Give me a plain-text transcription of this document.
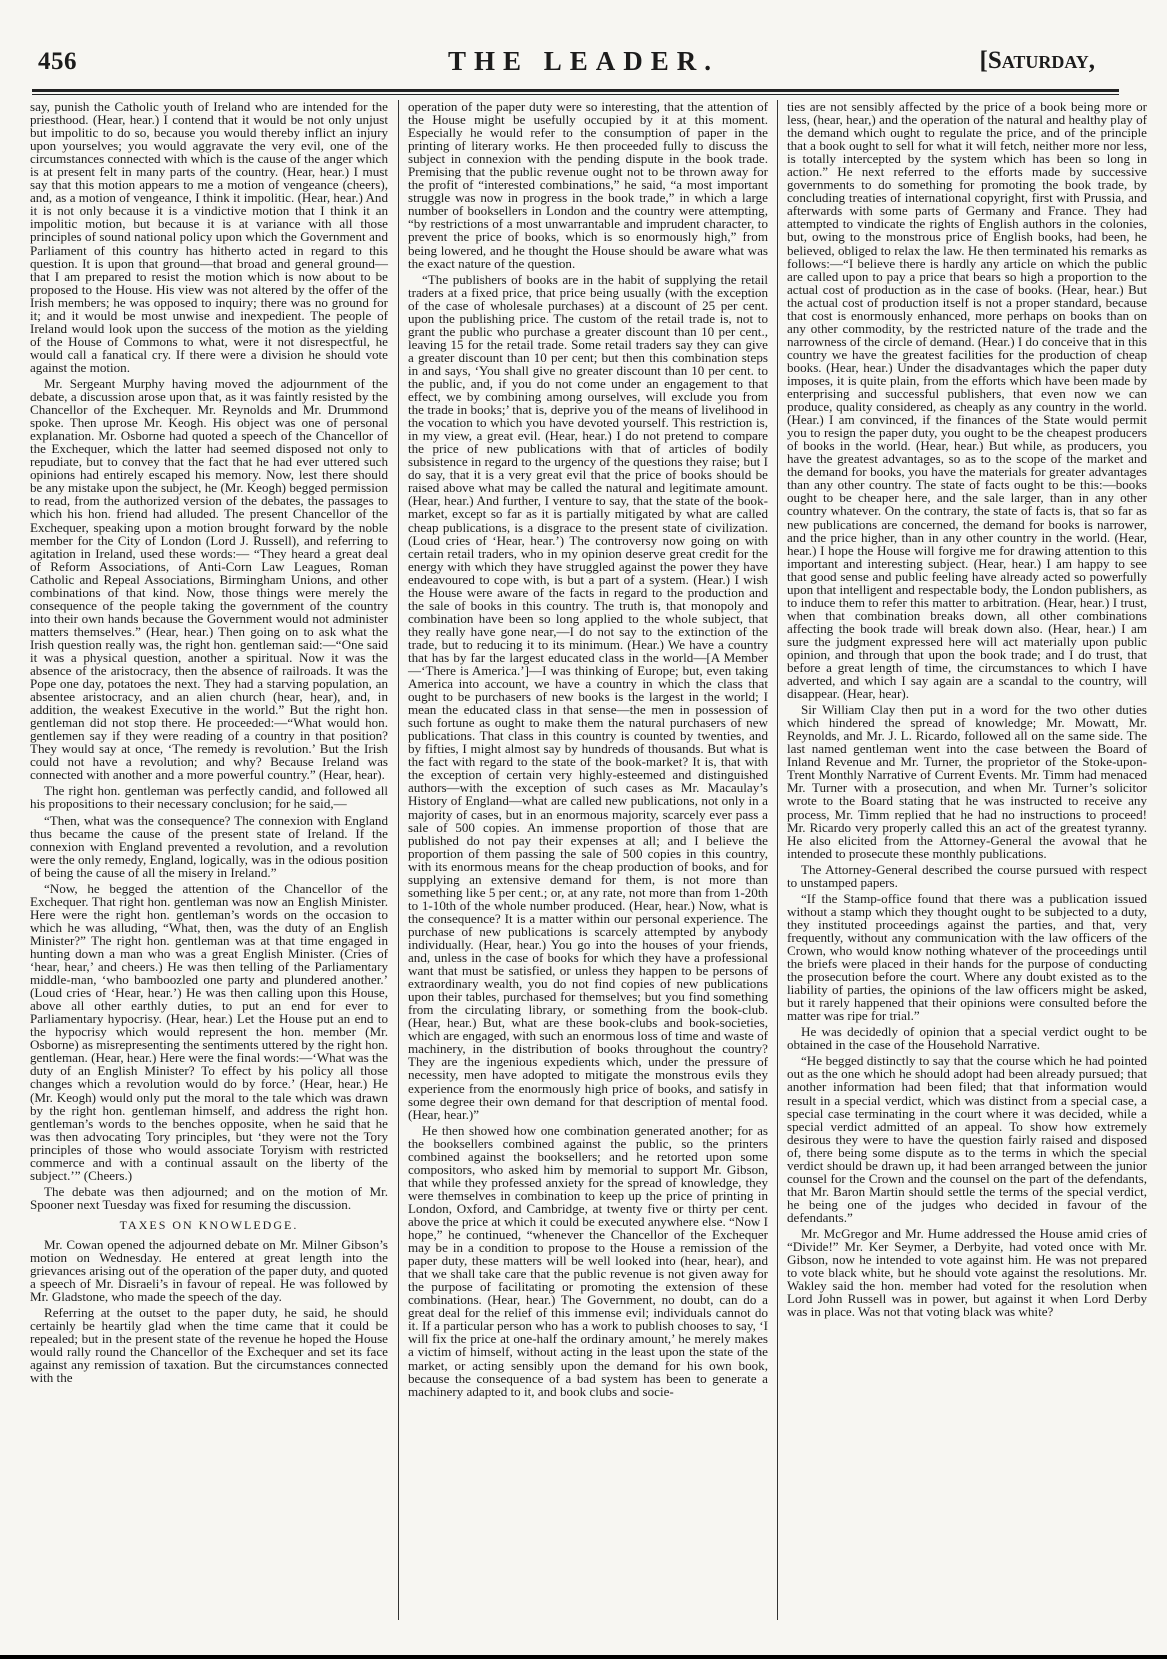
456	THE LEADER.	[Saturday,

say, punish the Catholic youth of Ireland who are intended for the priesthood. (Hear, hear.) I contend that it would be not only unjust but impolitic to do so, because you would thereby inflict an injury upon yourselves; you would aggravate the very evil, one of the circumstances connected with which is the cause of the anger which is at present felt in many parts of the country. (Hear, hear.) I must say that this motion appears to me a motion of vengeance (cheers), and, as a motion of vengeance, I think it impolitic. (Hear, hear.) And it is not only because it is a vindictive motion that I think it an impolitic motion, but because it is at variance with all those principles of sound national policy upon which the Government and Parliament of this country has hitherto acted in regard to this question. It is upon that ground—that broad and general ground—that I am prepared to resist the motion which is now about to be proposed to the House. His view was not altered by the offer of the Irish members; he was opposed to inquiry; there was no ground for it; and it would be most unwise and inexpedient. The people of Ireland would look upon the success of the motion as the yielding of the House of Commons to what, were it not disrespectful, he would call a fanatical cry. If there were a division he should vote against the motion.

Mr. Sergeant Murphy having moved the adjournment of the debate, a discussion arose upon that, as it was faintly resisted by the Chancellor of the Exchequer. Mr. Reynolds and Mr. Drummond spoke. Then uprose Mr. Keogh. His object was one of personal explanation. Mr. Osborne had quoted a speech of the Chancellor of the Exchequer, which the latter had seemed disposed not only to repudiate, but to convey that the fact that he had ever uttered such opinions had entirely escaped his memory. Now, lest there should be any mistake upon the subject, he (Mr. Keogh) begged permission to read, from the authorized version of the debates, the passages to which his hon. friend had alluded. The present Chancellor of the Exchequer, speaking upon a motion brought forward by the noble member for the City of London (Lord J. Russell), and referring to agitation in Ireland, used these words:— “They heard a great deal of Reform Associations, of Anti-Corn Law Leagues, Roman Catholic and Repeal Associations, Birmingham Unions, and other combinations of that kind. Now, those things were merely the consequence of the people taking the government of the country into their own hands because the Government would not administer matters themselves.” (Hear, hear.) Then going on to ask what the Irish question really was, the right hon. gentleman said:—“One said it was a physical question, another a spiritual. Now it was the absence of the aristocracy, then the absence of railroads. It was the Pope one day, potatoes the next. They had a starving population, an absentee aristocracy, and an alien church (hear, hear), and, in addition, the weakest Executive in the world.” But the right hon. gentleman did not stop there. He proceeded:—“What would hon. gentlemen say if they were reading of a country in that position? They would say at once, ‘The remedy is revolution.’ But the Irish could not have a revolution; and why? Because Ireland was connected with another and a more powerful country.” (Hear, hear).

The right hon. gentleman was perfectly candid, and followed all his propositions to their necessary conclusion; for he said,—

“Then, what was the consequence? The connexion with England thus became the cause of the present state of Ireland. If the connexion with England prevented a revolution, and a revolution were the only remedy, England, logically, was in the odious position of being the cause of all the misery in Ireland.”

“Now, he begged the attention of the Chancellor of the Exchequer. That right hon. gentleman was now an English Minister. Here were the right hon. gentleman’s words on the occasion to which he was alluding, “What, then, was the duty of an English Minister?” The right hon. gentleman was at that time engaged in hunting down a man who was a great English Minister. (Cries of ‘hear, hear,’ and cheers.) He was then telling of the Parliamentary middle-man, ‘who bamboozled one party and plundered another.’ (Loud cries of ‘Hear, hear.’) He was then calling upon this House, above all other earthly duties, to put an end for ever to Parliamentary hypocrisy. (Hear, hear.) Let the House put an end to the hypocrisy which would represent the hon. member (Mr. Osborne) as misrepresenting the sentiments uttered by the right hon. gentleman. (Hear, hear.) Here were the final words:—‘What was the duty of an English Minister? To effect by his policy all those changes which a revolution would do by force.’ (Hear, hear.) He (Mr. Keogh) would only put the moral to the tale which was drawn by the right hon. gentleman himself, and address the right hon. gentleman’s words to the benches opposite, when he said that he was then advocating Tory principles, but ‘they were not the Tory principles of those who would associate Toryism with restricted commerce and with a continual assault on the liberty of the subject.’” (Cheers.)

The debate was then adjourned; and on the motion of Mr. Spooner next Tuesday was fixed for resuming the discussion.

TAXES ON KNOWLEDGE.

Mr. Cowan opened the adjourned debate on Mr. Milner Gibson’s motion on Wednesday. He entered at great length into the grievances arising out of the operation of the paper duty, and quoted a speech of Mr. Disraeli’s in favour of repeal. He was followed by Mr. Gladstone, who made the speech of the day.

Referring at the outset to the paper duty, he said, he should certainly be heartily glad when the time came that it could be repealed; but in the present state of the revenue he hoped the House would rally round the Chancellor of the Exchequer and set its face against any remission of taxation. But the circumstances connected with the

operation of the paper duty were so interesting, that the attention of the House might be usefully occupied by it at this moment. Especially he would refer to the consumption of paper in the printing of literary works. He then proceeded fully to discuss the subject in connexion with the pending dispute in the book trade. Premising that the public revenue ought not to be thrown away for the profit of “interested combinations,” he said, “a most important struggle was now in progress in the book trade,” in which a large number of booksellers in London and the country were attempting, “by restrictions of a most unwarrantable and imprudent character, to prevent the price of books, which is so enormously high,” from being lowered, and he thought the House should be aware what was the exact nature of the question.

“The publishers of books are in the habit of supplying the retail traders at a fixed price, that price being usually (with the exception of the case of wholesale purchases) at a discount of 25 per cent. upon the publishing price. The custom of the retail trade is, not to grant the public who purchase a greater discount than 10 per cent., leaving 15 for the retail trade. Some retail traders say they can give a greater discount than 10 per cent; but then this combination steps in and says, ‘You shall give no greater discount than 10 per cent. to the public, and, if you do not come under an engagement to that effect, we by combining among ourselves, will exclude you from the trade in books;’ that is, deprive you of the means of livelihood in the vocation to which you have devoted yourself. This restriction is, in my view, a great evil. (Hear, hear.) I do not pretend to compare the price of new publications with that of articles of bodily subsistence in regard to the urgency of the questions they raise; but I do say, that it is a very great evil that the price of books should be raised above what may be called the natural and legitimate amount. (Hear, hear.) And further, I venture to say, that the state of the book-market, except so far as it is partially mitigated by what are called cheap publications, is a disgrace to the present state of civilization. (Loud cries of ‘Hear, hear.’) The controversy now going on with certain retail traders, who in my opinion deserve great credit for the energy with which they have struggled against the power they have endeavoured to cope with, is but a part of a system. (Hear.) I wish the House were aware of the facts in regard to the production and the sale of books in this country. The truth is, that monopoly and combination have been so long applied to the whole subject, that they really have gone near,—I do not say to the extinction of the trade, but to reducing it to its minimum. (Hear.) We have a country that has by far the largest educated class in the world—[A Member—‘There is America.’]—I was thinking of Europe; but, even taking America into account, we have a country in which the class that ought to be purchasers of new books is the largest in the world; I mean the educated class in that sense—the men in possession of such fortune as ought to make them the natural purchasers of new publications. That class in this country is counted by twenties, and by fifties, I might almost say by hundreds of thousands. But what is the fact with regard to the state of the book-market? It is, that with the exception of certain very highly-esteemed and distinguished authors—with the exception of such cases as Mr. Macaulay’s History of England—what are called new publications, not only in a majority of cases, but in an enormous majority, scarcely ever pass a sale of 500 copies. An immense proportion of those that are published do not pay their expenses at all; and I believe the proportion of them passing the sale of 500 copies in this country, with its enormous means for the cheap production of books, and for supplying an extensive demand for them, is not more than something like 5 per cent.; or, at any rate, not more than from 1-20th to 1-10th of the whole number produced. (Hear, hear.) Now, what is the consequence? It is a matter within our personal experience. The purchase of new publications is scarcely attempted by anybody individually. (Hear, hear.) You go into the houses of your friends, and, unless in the case of books for which they have a professional want that must be satisfied, or unless they happen to be persons of extraordinary wealth, you do not find copies of new publications upon their tables, purchased for themselves; but you find something from the circulating library, or something from the book-club. (Hear, hear.) But, what are these book-clubs and book-societies, which are engaged, with such an enormous loss of time and waste of machinery, in the distribution of books throughout the country? They are the ingenious expedients which, under the pressure of necessity, men have adopted to mitigate the monstrous evils they experience from the enormously high price of books, and satisfy in some degree their own demand for that description of mental food. (Hear, hear.)”

He then showed how one combination generated another; for as the booksellers combined against the public, so the printers combined against the booksellers; and he retorted upon some compositors, who asked him by memorial to support Mr. Gibson, that while they professed anxiety for the spread of knowledge, they were themselves in combination to keep up the price of printing in London, Oxford, and Cambridge, at twenty five or thirty per cent. above the price at which it could be executed anywhere else. “Now I hope,” he continued, “whenever the Chancellor of the Exchequer may be in a condition to propose to the House a remission of the paper duty, these matters will be well looked into (hear, hear), and that we shall take care that the public revenue is not given away for the purpose of facilitating or promoting the extension of these combinations. (Hear, hear.) The Government, no doubt, can do a great deal for the relief of this immense evil; individuals cannot do it. If a particular person who has a work to publish chooses to say, ‘I will fix the price at one-half the ordinary amount,’ he merely makes a victim of himself, without acting in the least upon the state of the market, or acting sensibly upon the demand for his own book, because the consequence of a bad system has been to generate a machinery adapted to it, and book clubs and socie-

ties are not sensibly affected by the price of a book being more or less, (hear, hear,) and the operation of the natural and healthy play of the demand which ought to regulate the price, and of the principle that a book ought to sell for what it will fetch, neither more nor less, is totally intercepted by the system which has been so long in action.” He next referred to the efforts made by successive governments to do something for promoting the book trade, by concluding treaties of international copyright, first with Prussia, and afterwards with some parts of Germany and France. They had attempted to vindicate the rights of English authors in the colonies, but, owing to the monstrous price of English books, had been, he believed, obliged to relax the law. He then terminated his remarks as follows:—“I believe there is hardly any article on which the public are called upon to pay a price that bears so high a proportion to the actual cost of production as in the case of books. (Hear, hear.) But the actual cost of production itself is not a proper standard, because that cost is enormously enhanced, more perhaps on books than on any other commodity, by the restricted nature of the trade and the narrowness of the circle of demand. (Hear.) I do conceive that in this country we have the greatest facilities for the production of cheap books. (Hear, hear.) Under the disadvantages which the paper duty imposes, it is quite plain, from the efforts which have been made by enterprising and successful publishers, that even now we can produce, quality considered, as cheaply as any country in the world. (Hear.) I am convinced, if the finances of the State would permit you to resign the paper duty, you ought to be the cheapest producers of books in the world. (Hear, hear.) But while, as producers, you have the greatest advantages, so as to the scope of the market and the demand for books, you have the materials for greater advantages than any other country. The state of facts ought to be this:—books ought to be cheaper here, and the sale larger, than in any other country whatever. On the contrary, the state of facts is, that so far as new publications are concerned, the demand for books is narrower, and the price higher, than in any other country in the world. (Hear, hear.) I hope the House will forgive me for drawing attention to this important and interesting subject. (Hear, hear.) I am happy to see that good sense and public feeling have already acted so powerfully upon that intelligent and respectable body, the London publishers, as to induce them to refer this matter to arbitration. (Hear, hear.) I trust, when that combination breaks down, all other combinations affecting the book trade will break down also. (Hear, hear.) I am sure the judgment expressed here will act materially upon public opinion, and through that upon the book trade; and I do trust, that before a great length of time, the circumstances to which I have adverted, and which I say again are a scandal to the country, will disappear. (Hear, hear).

Sir William Clay then put in a word for the two other duties which hindered the spread of knowledge; Mr. Mowatt, Mr. Reynolds, and Mr. J. L. Ricardo, followed all on the same side. The last named gentleman went into the case between the Board of Inland Revenue and Mr. Turner, the proprietor of the Stoke-upon-Trent Monthly Narrative of Current Events. Mr. Timm had menaced Mr. Turner with a prosecution, and when Mr. Turner’s solicitor wrote to the Board stating that he was instructed to receive any process, Mr. Timm replied that he had no instructions to proceed! Mr. Ricardo very properly called this an act of the greatest tyranny. He also elicited from the Attorney-General the avowal that he intended to prosecute these monthly publications.

The Attorney-General described the course pursued with respect to unstamped papers.

“If the Stamp-office found that there was a publication issued without a stamp which they thought ought to be subjected to a duty, they instituted proceedings against the parties, and that, very frequently, without any communication with the law officers of the Crown, who would know nothing whatever of the proceedings until the briefs were placed in their hands for the purpose of conducting the prosecution before the court. Where any doubt existed as to the liability of parties, the opinions of the law officers might be asked, but it rarely happened that their opinions were consulted before the matter was ripe for trial.”

He was decidedly of opinion that a special verdict ought to be obtained in the case of the Household Narrative.

“He begged distinctly to say that the course which he had pointed out as the one which he should adopt had been already pursued; that another information had been filed; that that information would result in a special verdict, which was distinct from a special case, a special case terminating in the court where it was decided, while a special verdict admitted of an appeal. To show how extremely desirous they were to have the question fairly raised and disposed of, there being some dispute as to the terms in which the special verdict should be drawn up, it had been arranged between the junior counsel for the Crown and the counsel on the part of the defendants, that Mr. Baron Martin should settle the terms of the special verdict, he being one of the judges who decided in favour of the defendants.”

Mr. McGregor and Mr. Hume addressed the House amid cries of “Divide!” Mr. Ker Seymer, a Derbyite, had voted once with Mr. Gibson, now he intended to vote against him. He was not prepared to vote black white, but he should vote against the resolutions. Mr. Wakley said the hon. member had voted for the resolution when Lord John Russell was in power, but against it when Lord Derby was in place. Was not that voting black was white?
